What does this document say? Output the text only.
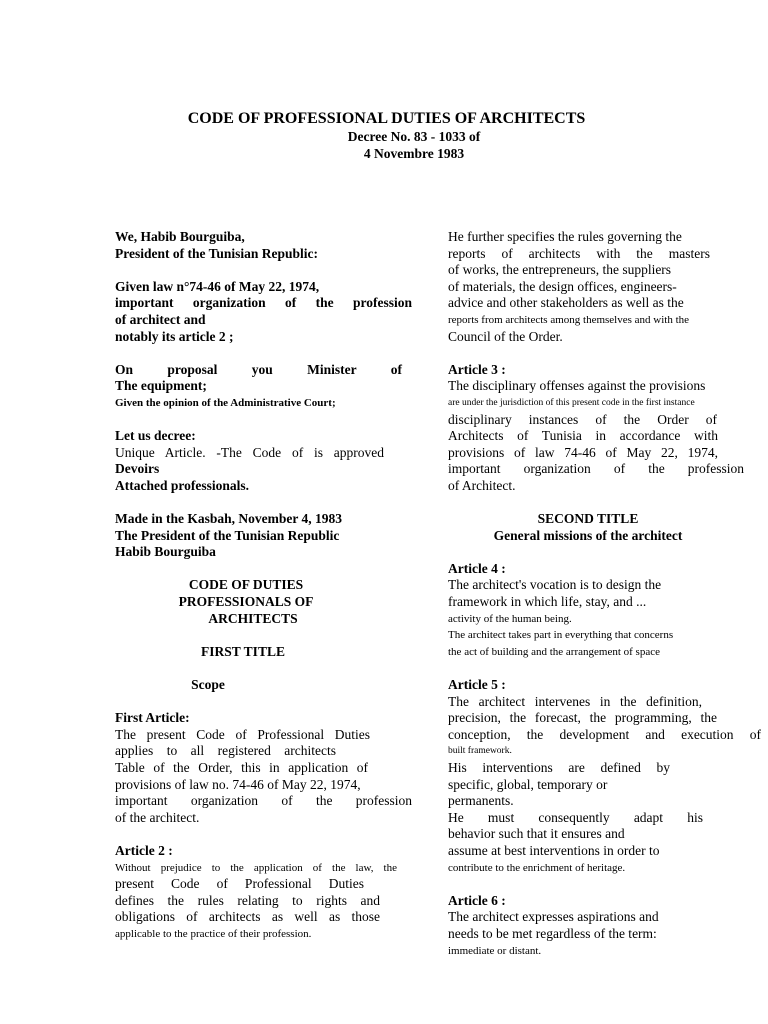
CODE OF PROFESSIONAL DUTIES OF ARCHITECTS
Decree No. 83 - 1033 of
4 Novembre 1983
We, Habib Bourguiba,
President of the Tunisian Republic:
Given law n°74-46 of May 22, 1974,
important organization of the profession
of architect and
notably its article 2 ;
On proposal you Minister of
The equipment;
Given the opinion of the Administrative Court;
Let us decree:
Unique Article. -The Code of is approved
Devoirs
Attached professionals.
Made in the Kasbah, November 4, 1983
The President of the Tunisian Republic
Habib Bourguiba
CODE OF DUTIES
PROFESSIONALS OF
ARCHITECTS
FIRST TITLE
Scope
First Article:
The present Code of Professional Duties
applies to all registered architects
Table of the Order, this in application of
provisions of law no. 74-46 of May 22, 1974,
important organization of the profession
of the architect.
Article 2 :
Without prejudice to the application of the law, the
present Code of Professional Duties
defines the rules relating to rights and
obligations of architects as well as those
applicable to the practice of their profession.
He further specifies the rules governing the
reports of architects with the masters
of works, the entrepreneurs, the suppliers
of materials, the design offices, engineers-
advice and other stakeholders as well as the
reports from architects among themselves and with the
Council of the Order.
Article 3 :
The disciplinary offenses against the provisions
are under the jurisdiction of this present code in the first instance
disciplinary instances of the Order of
Architects of Tunisia in accordance with
provisions of law 74-46 of May 22, 1974,
important organization of the profession
of Architect.
SECOND TITLE
General missions of the architect
Article 4 :
The architect's vocation is to design the
framework in which life, stay, and ...
activity of the human being.
The architect takes part in everything that concerns
the act of building and the arrangement of space
Article 5 :
The architect intervenes in the definition,
precision, the forecast, the programming, the
conception, the development and execution of
built framework.
His interventions are defined by
specific, global, temporary or
permanents.
He must consequently adapt his
behavior such that it ensures and
assume at best interventions in order to
contribute to the enrichment of heritage.
Article 6 :
The architect expresses aspirations and
needs to be met regardless of the term:
immediate or distant.
